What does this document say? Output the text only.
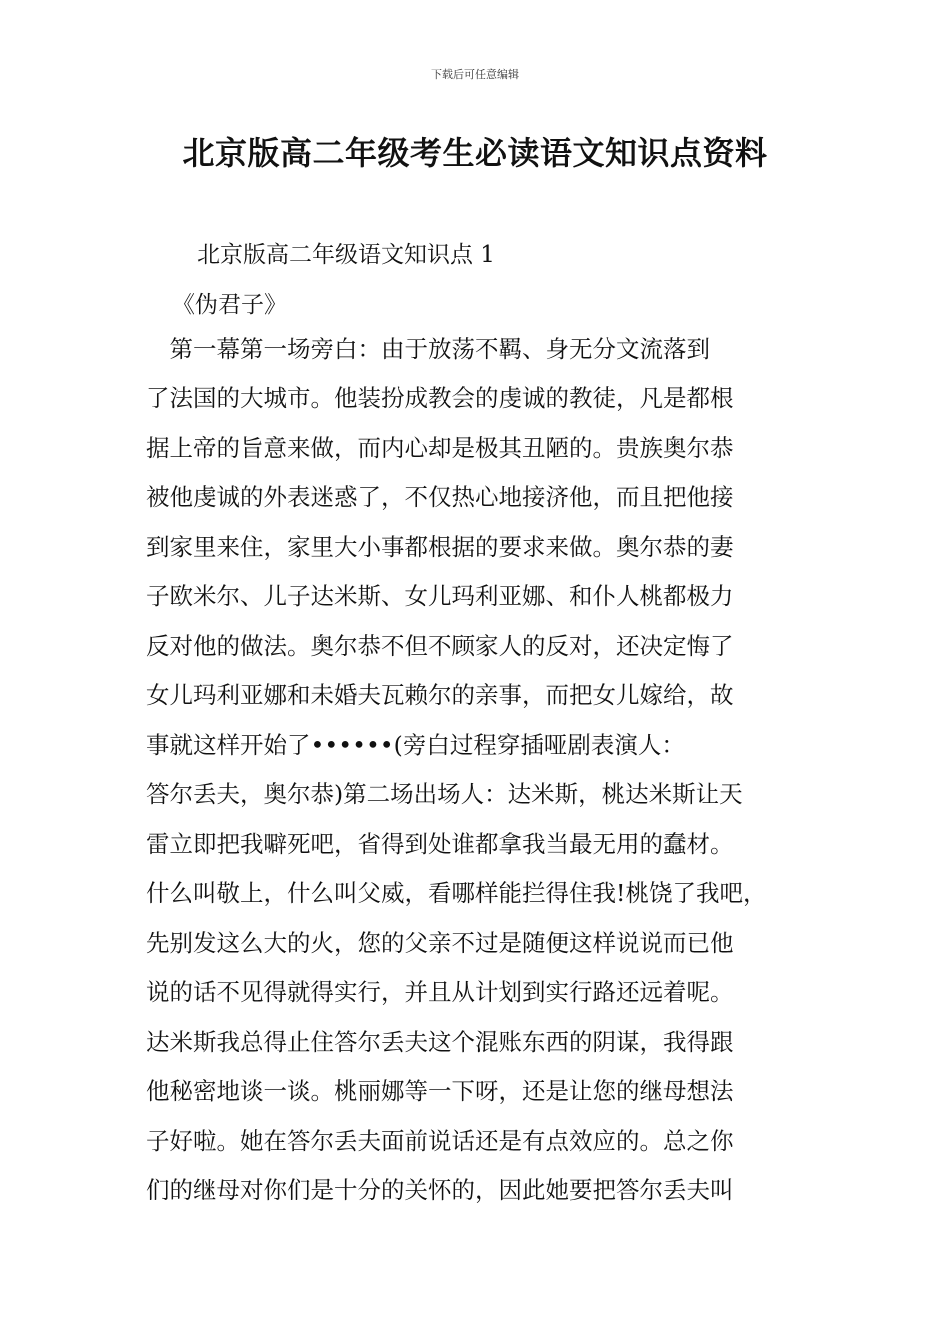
下载后可任意编辑
北京版高二年级考生必读语文知识点资料
北京版高二年级语文知识点 1
《伪君子》
　第一幕第一场旁白：由于放荡不羁、身无分文流落到
了法国的大城市。他装扮成教会的虔诚的教徒，凡是都根
据上帝的旨意来做，而内心却是极其丑陋的。贵族奥尔恭
被他虔诚的外表迷惑了，不仅热心地接济他，而且把他接
到家里来住，家里大小事都根据的要求来做。奥尔恭的妻
子欧米尔、儿子达米斯、女儿玛利亚娜、和仆人桃都极力
反对他的做法。奥尔恭不但不顾家人的反对，还决定悔了
女儿玛利亚娜和未婚夫瓦赖尔的亲事，而把女儿嫁给，故
事就这样开始了••••••(旁白过程穿插哑剧表演人：
答尔丢夫，奥尔恭)第二场出场人：达米斯，桃达米斯让天
雷立即把我噼死吧，省得到处谁都拿我当最无用的蠢材。
什么叫敬上，什么叫父威，看哪样能拦得住我!桃饶了我吧，
先别发这么大的火，您的父亲不过是随便这样说说而已他
说的话不见得就得实行，并且从计划到实行路还远着呢。
达米斯我总得止住答尔丢夫这个混账东西的阴谋，我得跟
他秘密地谈一谈。桃丽娜等一下呀，还是让您的继母想法
子好啦。她在答尔丢夫面前说话还是有点效应的。总之你
们的继母对你们是十分的关怀的，因此她要把答尔丢夫叫
